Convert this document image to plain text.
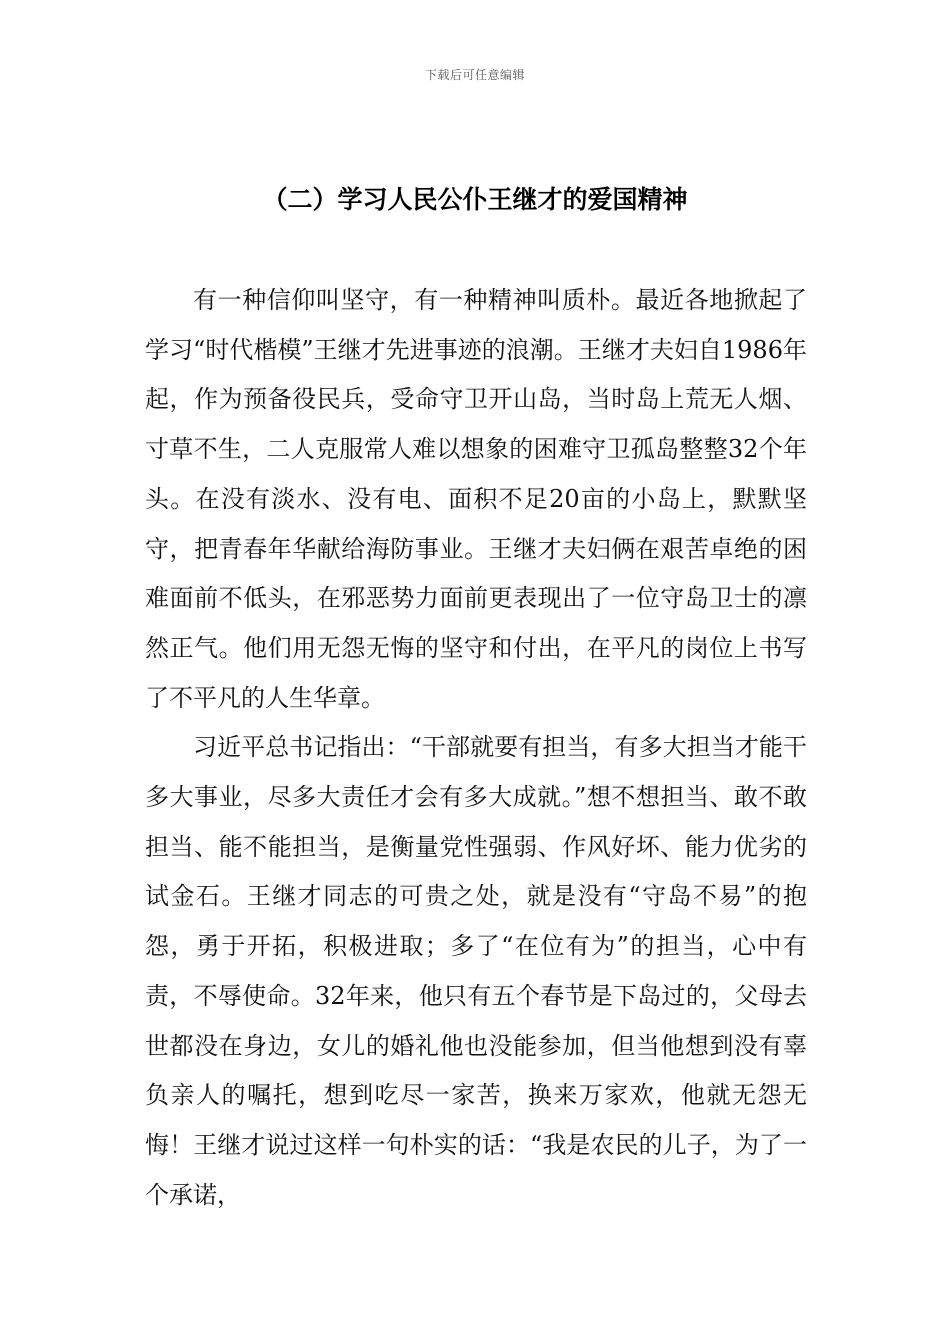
下载后可任意编辑
（二）学习人民公仆王继才的爱国精神

有一种信仰叫坚守，有一种精神叫质朴。最近各地掀起了学习“时代楷模”王继才先进事迹的浪潮。王继才夫妇自1986年起，作为预备役民兵，受命守卫开山岛，当时岛上荒无人烟、寸草不生，二人克服常人难以想象的困难守卫孤岛整整32个年头。在没有淡水、没有电、面积不足20亩的小岛上，默默坚守，把青春年华献给海防事业。王继才夫妇俩在艰苦卓绝的困难面前不低头，在邪恶势力面前更表现出了一位守岛卫士的凛然正气。他们用无怨无悔的坚守和付出，在平凡的岗位上书写了不平凡的人生华章。

习近平总书记指出：“干部就要有担当，有多大担当才能干多大事业，尽多大责任才会有多大成就。”想不想担当、敢不敢担当、能不能担当，是衡量党性强弱、作风好坏、能力优劣的试金石。王继才同志的可贵之处，就是没有“守岛不易”的抱怨，勇于开拓，积极进取；多了“在位有为”的担当，心中有责，不辱使命。32年来，他只有五个春节是下岛过的，父母去世都没在身边，女儿的婚礼他也没能参加，但当他想到没有辜负亲人的嘱托，想到吃尽一家苦，换来万家欢，他就无怨无悔！王继才说过这样一句朴实的话：“我是农民的儿子，为了一个承诺，
